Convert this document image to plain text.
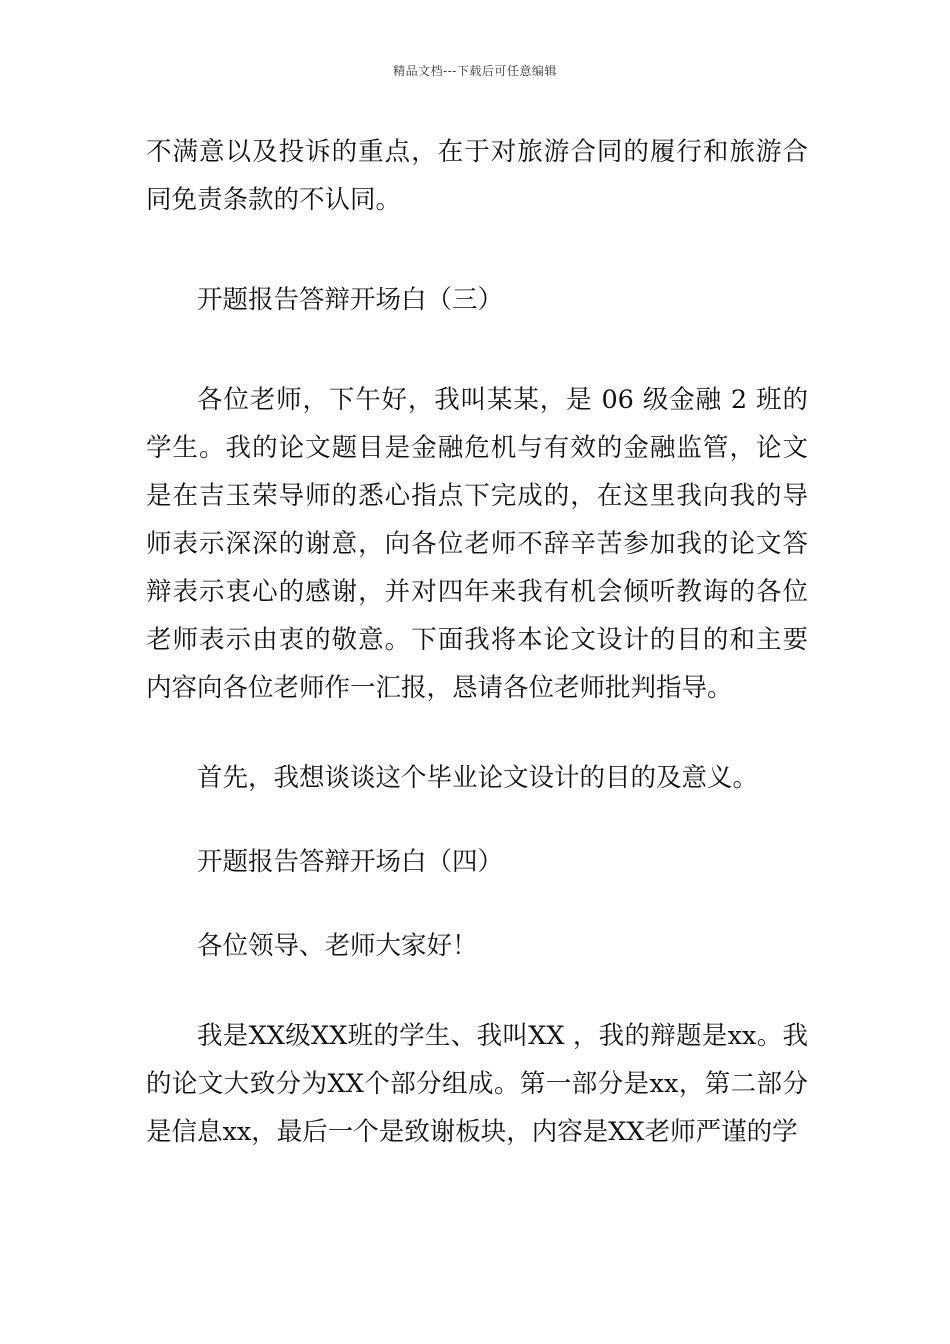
精品文档---下载后可任意编辑

不满意以及投诉的重点，在于对旅游合同的履行和旅游合同免责条款的不认同。

开题报告答辩开场白（三）

各位老师，下午好，我叫某某，是 06 级金融 2 班的学生。我的论文题目是金融危机与有效的金融监管，论文是在吉玉荣导师的悉心指点下完成的，在这里我向我的导师表示深深的谢意，向各位老师不辞辛苦参加我的论文答辩表示衷心的感谢，并对四年来我有机会倾听教诲的各位老师表示由衷的敬意。下面我将本论文设计的目的和主要内容向各位老师作一汇报，恳请各位老师批判指导。

首先，我想谈谈这个毕业论文设计的目的及意义。

开题报告答辩开场白（四）

各位领导、老师大家好！

我是XX级XX班的学生、我叫XX ，我的辩题是xx。我的论文大致分为XX个部分组成。第一部分是xx，第二部分是信息xx，最后一个是致谢板块，内容是XX老师严谨的学
